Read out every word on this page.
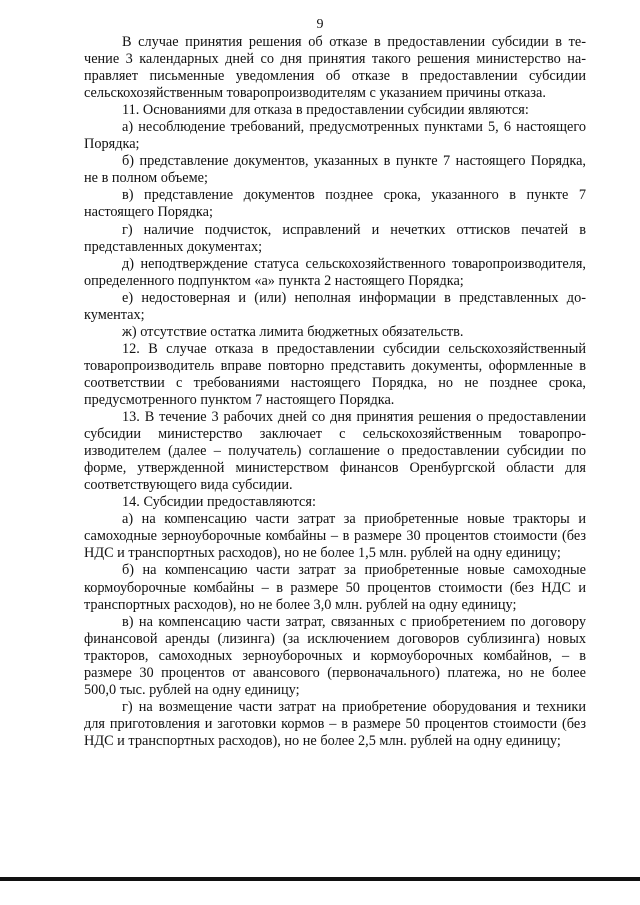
9

В случае принятия решения об отказе в предоставлении субсидии в течение 3 календарных дней со дня принятия такого решения министерство направляет письменные уведомления об отказе в предоставлении субсидии сельскохозяйственным товаропроизводителям с указанием причины отказа.

11. Основаниями для отказа в предоставлении субсидии являются:

а) несоблюдение требований, предусмотренных пунктами 5, 6 настоящего Порядка;

б) представление документов, указанных в пункте 7 настоящего Порядка, не в полном объеме;

в) представление документов позднее срока, указанного в пункте 7 настоящего Порядка;

г) наличие подчисток, исправлений и нечетких оттисков печатей в представленных документах;

д) неподтверждение статуса сельскохозяйственного товаропроизводителя, определенного подпунктом «а» пункта 2 настоящего Порядка;

е) недостоверная и (или) неполная информации в представленных документах;

ж) отсутствие остатка лимита бюджетных обязательств.

12. В случае отказа в предоставлении субсидии сельскохозяйственный товаропроизводитель вправе повторно представить документы, оформленные в соответствии с требованиями настоящего Порядка, но не позднее срока, предусмотренного пунктом 7 настоящего Порядка.

13. В течение 3 рабочих дней со дня принятия решения о предоставлении субсидии министерство заключает с сельскохозяйственным товаропроизводителем (далее – получатель) соглашение о предоставлении субсидии по форме, утвержденной министерством финансов Оренбургской области для соответствующего вида субсидии.

14. Субсидии предоставляются:

а) на компенсацию части затрат за приобретенные новые тракторы и самоходные зерноуборочные комбайны – в размере 30 процентов стоимости (без НДС и транспортных расходов), но не более 1,5 млн. рублей на одну единицу;

б) на компенсацию части затрат за приобретенные новые самоходные кормоуборочные комбайны – в размере 50 процентов стоимости (без НДС и транспортных расходов), но не более 3,0 млн. рублей на одну единицу;

в) на компенсацию части затрат, связанных с приобретением по договору финансовой аренды (лизинга) (за исключением договоров сублизинга) новых тракторов, самоходных зерноуборочных и кормоуборочных комбайнов, – в размере 30 процентов от авансового (первоначального) платежа, но не более 500,0 тыс. рублей на одну единицу;

г) на возмещение части затрат на приобретение оборудования и техники для приготовления и заготовки кормов – в размере 50 процентов стоимости (без НДС и транспортных расходов), но не более 2,5 млн. рублей на одну единицу;
